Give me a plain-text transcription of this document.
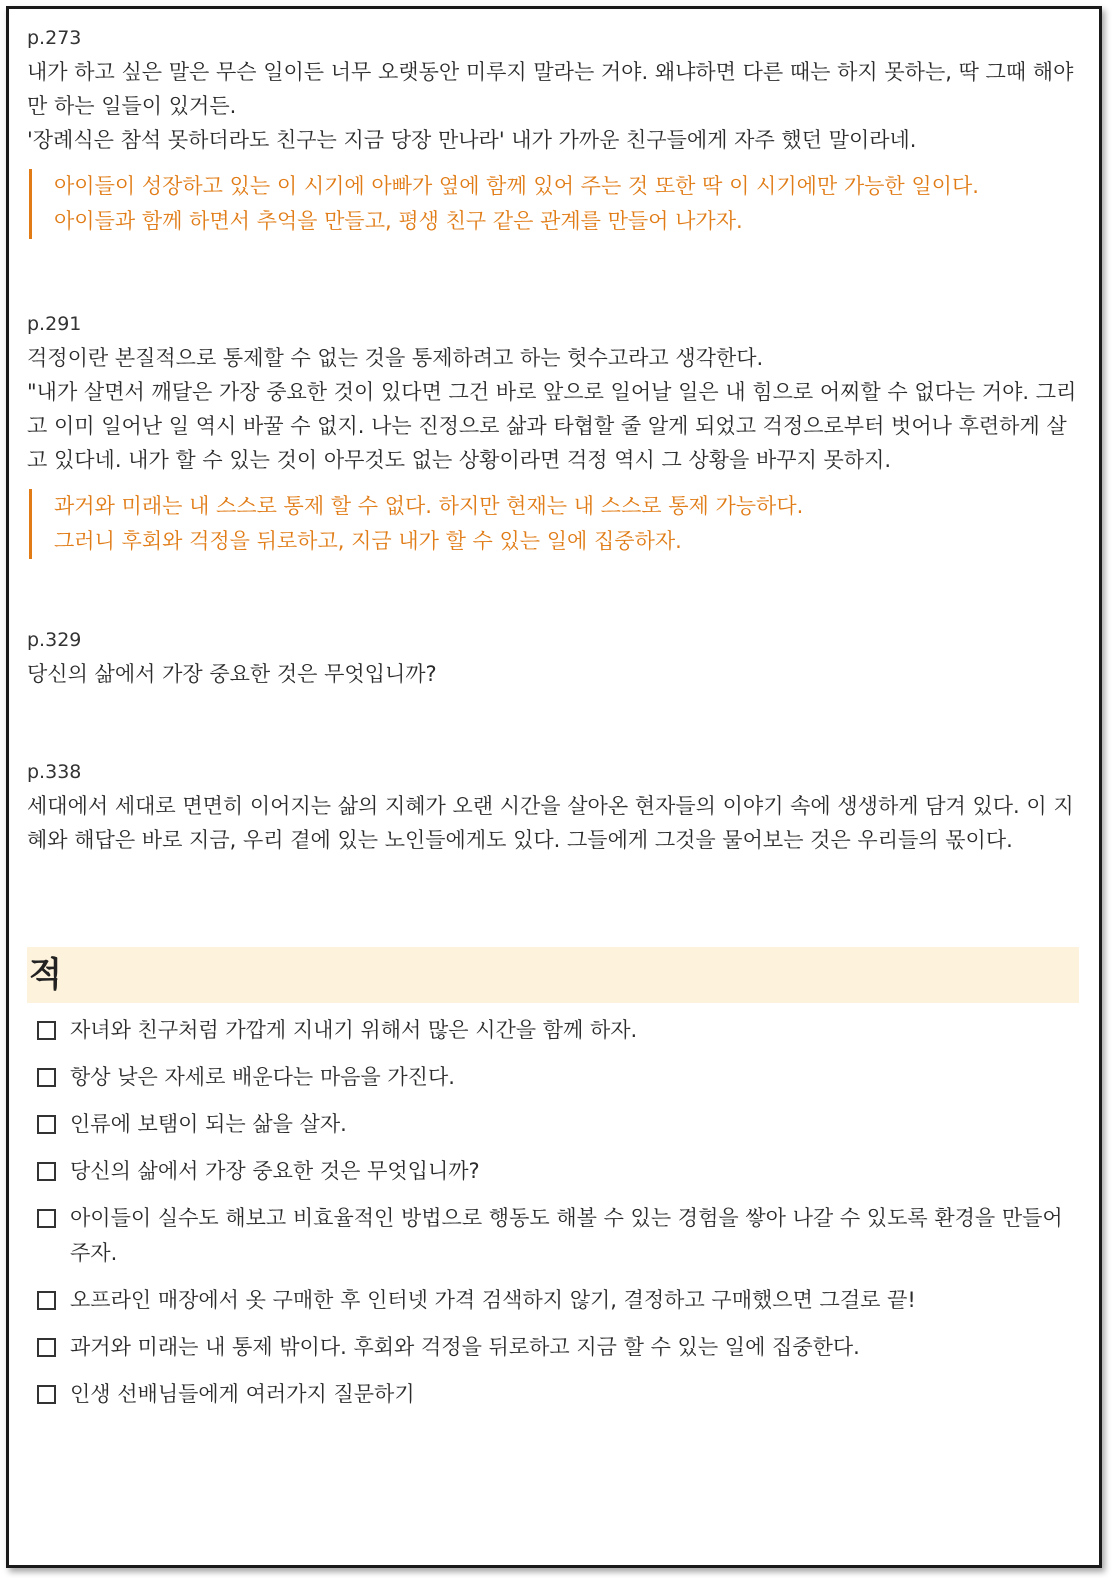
p.273

내가 하고 싶은 말은 무슨 일이든 너무 오랫동안 미루지 말라는 거야. 왜냐하면 다른 때는 하지 못하는, 딱 그때 해야만 하는 일들이 있거든.

'장례식은 참석 못하더라도 친구는 지금 당장 만나라' 내가 가까운 친구들에게 자주 했던 말이라네.

아이들이 성장하고 있는 이 시기에 아빠가 옆에 함께 있어 주는 것 또한 딱 이 시기에만 가능한 일이다.

아이들과 함께 하면서 추억을 만들고, 평생 친구 같은 관계를 만들어 나가자.

p.291

걱정이란 본질적으로 통제할 수 없는 것을 통제하려고 하는 헛수고라고 생각한다.

"내가 살면서 깨달은 가장 중요한 것이 있다면 그건 바로 앞으로 일어날 일은 내 힘으로 어찌할 수 없다는 거야. 그리고 이미 일어난 일 역시 바꿀 수 없지. 나는 진정으로 삶과 타협할 줄 알게 되었고 걱정으로부터 벗어나 후련하게 살고 있다네. 내가 할 수 있는 것이 아무것도 없는 상황이라면 걱정 역시 그 상황을 바꾸지 못하지.

과거와 미래는 내 스스로 통제 할 수 없다. 하지만 현재는 내 스스로 통제 가능하다.

그러니 후회와 걱정을 뒤로하고, 지금 내가 할 수 있는 일에 집중하자.

p.329

당신의 삶에서 가장 중요한 것은 무엇입니까?

p.338

세대에서 세대로 면면히 이어지는 삶의 지혜가 오랜 시간을 살아온 현자들의 이야기 속에 생생하게 담겨 있다. 이 지혜와 해답은 바로 지금, 우리 곁에 있는 노인들에게도 있다. 그들에게 그것을 물어보는 것은 우리들의 몫이다.

적
자녀와 친구처럼 가깝게 지내기 위해서 많은 시간을 함께 하자.
항상 낮은 자세로 배운다는 마음을 가진다.
인류에 보탬이 되는 삶을 살자.
당신의 삶에서 가장 중요한 것은 무엇입니까?
아이들이 실수도 해보고 비효율적인 방법으로 행동도 해볼 수 있는 경험을 쌓아 나갈 수 있도록 환경을 만들어 주자.
오프라인 매장에서 옷 구매한 후 인터넷 가격 검색하지 않기, 결정하고 구매했으면 그걸로 끝!
과거와 미래는 내 통제 밖이다. 후회와 걱정을 뒤로하고 지금 할 수 있는 일에 집중한다.
인생 선배님들에게 여러가지 질문하기
